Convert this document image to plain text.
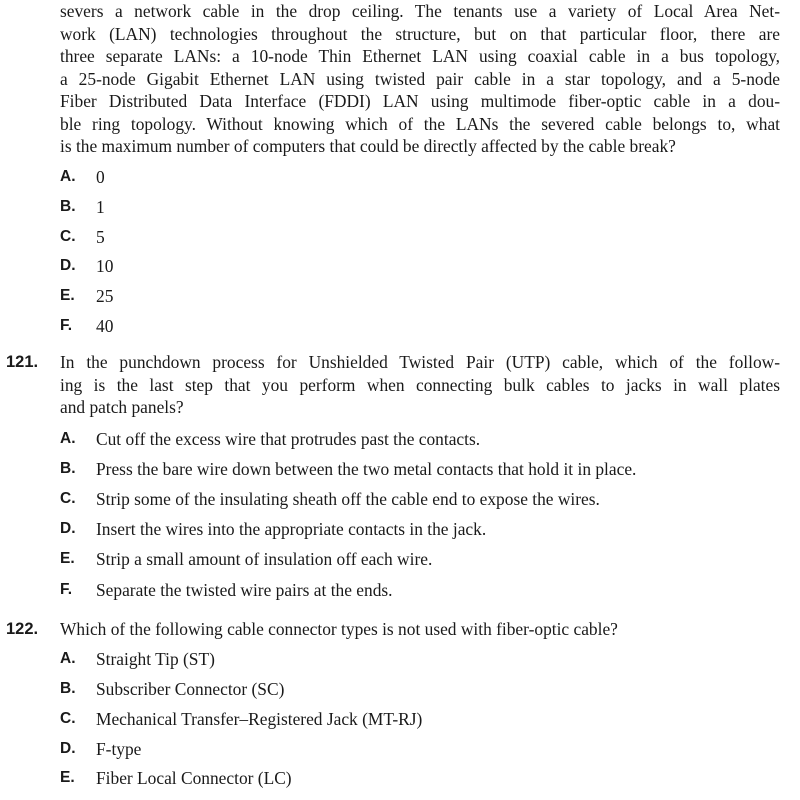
severs a network cable in the drop ceiling. The tenants use a variety of Local Area Net-
work (LAN) technologies throughout the structure, but on that particular floor, there are
three separate LANs: a 10-node Thin Ethernet LAN using coaxial cable in a bus topology,
a 25-node Gigabit Ethernet LAN using twisted pair cable in a star topology, and a 5-node
Fiber Distributed Data Interface (FDDI) LAN using multimode fiber-optic cable in a dou-
ble ring topology. Without knowing which of the LANs the severed cable belongs to, what
is the maximum number of computers that could be directly affected by the cable break?
A. 0
B. 1
C. 5
D. 10
E. 25
F. 40
121. In the punchdown process for Unshielded Twisted Pair (UTP) cable, which of the follow-
ing is the last step that you perform when connecting bulk cables to jacks in wall plates
and patch panels?
A. Cut off the excess wire that protrudes past the contacts.
B. Press the bare wire down between the two metal contacts that hold it in place.
C. Strip some of the insulating sheath off the cable end to expose the wires.
D. Insert the wires into the appropriate contacts in the jack.
E. Strip a small amount of insulation off each wire.
F. Separate the twisted wire pairs at the ends.
122. Which of the following cable connector types is not used with fiber-optic cable?
A. Straight Tip (ST)
B. Subscriber Connector (SC)
C. Mechanical Transfer–Registered Jack (MT-RJ)
D. F-type
E. Fiber Local Connector (LC)
